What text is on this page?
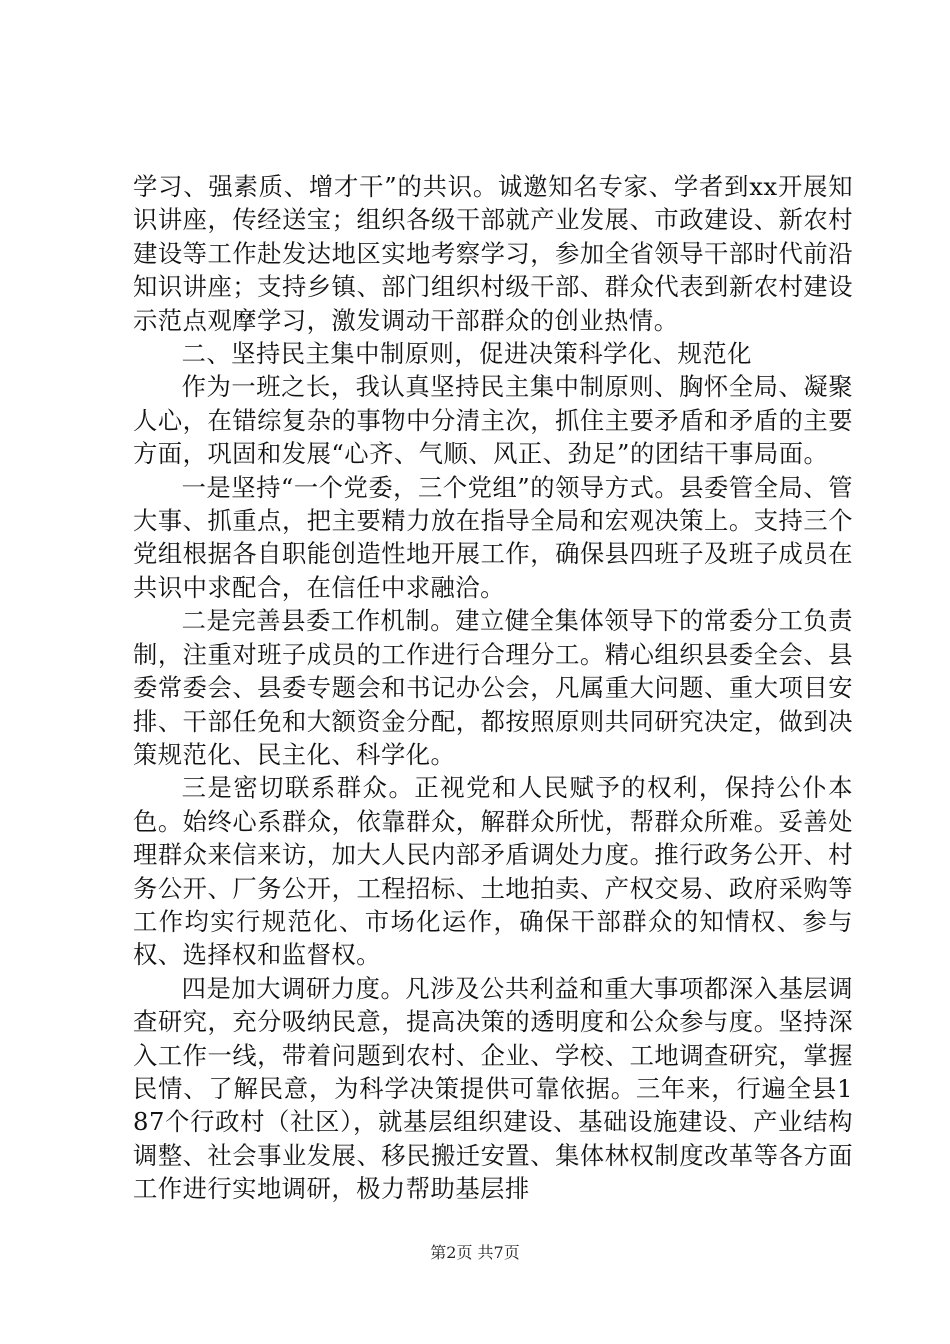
学习、强素质、增才干”的共识。诚邀知名专家、学者到xx开展知识讲座，传经送宝；组织各级干部就产业发展、市政建设、新农村建设等工作赴发达地区实地考察学习，参加全省领导干部时代前沿知识讲座；支持乡镇、部门组织村级干部、群众代表到新农村建设示范点观摩学习，激发调动干部群众的创业热情。

二、坚持民主集中制原则，促进决策科学化、规范化

作为一班之长，我认真坚持民主集中制原则、胸怀全局、凝聚人心，在错综复杂的事物中分清主次，抓住主要矛盾和矛盾的主要方面，巩固和发展“心齐、气顺、风正、劲足”的团结干事局面。

一是坚持“一个党委，三个党组”的领导方式。县委管全局、管大事、抓重点，把主要精力放在指导全局和宏观决策上。支持三个党组根据各自职能创造性地开展工作，确保县四班子及班子成员在共识中求配合，在信任中求融洽。

二是完善县委工作机制。建立健全集体领导下的常委分工负责制，注重对班子成员的工作进行合理分工。精心组织县委全会、县委常委会、县委专题会和书记办公会，凡属重大问题、重大项目安排、干部任免和大额资金分配，都按照原则共同研究决定，做到决策规范化、民主化、科学化。

三是密切联系群众。正视党和人民赋予的权利，保持公仆本色。始终心系群众，依靠群众，解群众所忧，帮群众所难。妥善处理群众来信来访，加大人民内部矛盾调处力度。推行政务公开、村务公开、厂务公开，工程招标、土地拍卖、产权交易、政府采购等工作均实行规范化、市场化运作，确保干部群众的知情权、参与权、选择权和监督权。

四是加大调研力度。凡涉及公共利益和重大事项都深入基层调查研究，充分吸纳民意，提高决策的透明度和公众参与度。坚持深入工作一线，带着问题到农村、企业、学校、工地调查研究，掌握民情、了解民意，为科学决策提供可靠依据。三年来，行遍全县187个行政村（社区），就基层组织建设、基础设施建设、产业结构调整、社会事业发展、移民搬迁安置、集体林权制度改革等各方面工作进行实地调研，极力帮助基层排

第2页 共7页
